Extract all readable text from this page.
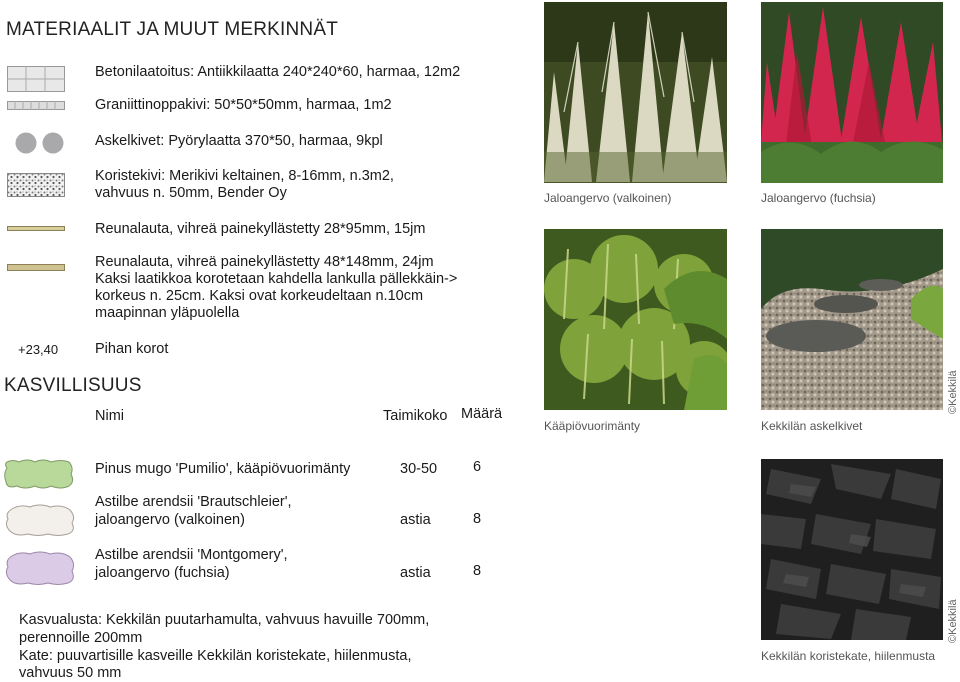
MATERIAALIT JA MUUT MERKINNÄT
Betonilaatoitus: Antiikkilaatta 240*240*60, harmaa, 12m2
Graniittinoppakivi: 50*50*50mm, harmaa, 1m2
Askelkivet: Pyörylaatta 370*50, harmaa, 9kpl
Koristekivi: Merikivi keltainen, 8-16mm, n.3m2,
vahvuus n. 50mm, Bender Oy
Reunalauta, vihreä painekyllästetty 28*95mm, 15jm
Reunalauta, vihreä painekyllästetty 48*148mm, 24jm
Kaksi laatikkoa korotetaan kahdella lankulla pällekkäin->
korkeus n. 25cm. Kaksi ovat korkeudeltaan n.10cm
maapinnan yläpuolella
+23,40	Pihan korot
KASVILLISUUS
Nimi	Taimikoko Määrä
Pinus mugo 'Pumilio', kääpiövuorimänty	30-50 6
Astilbe arendsii 'Brautschleier',
jaloangervo (valkoinen)	astia	8
Astilbe arendsii 'Montgomery',
jaloangervo (fuchsia)	astia	8
Kasvualusta: Kekkilän puutarhamulta, vahvuus havuille 700mm,
perennoille 200mm
Kate: puuvartisille kasveille Kekkilän koristekate, hiilenmusta,
vahvuus 50 mm
Jaloangervo (valkoinen)	Jaloangervo (fuchsia)
Kääpiövuorimänty	Kekkilän askelkivet
©Kekkilä
Kekkilän koristekate, hiilenmusta
©Kekkilä
